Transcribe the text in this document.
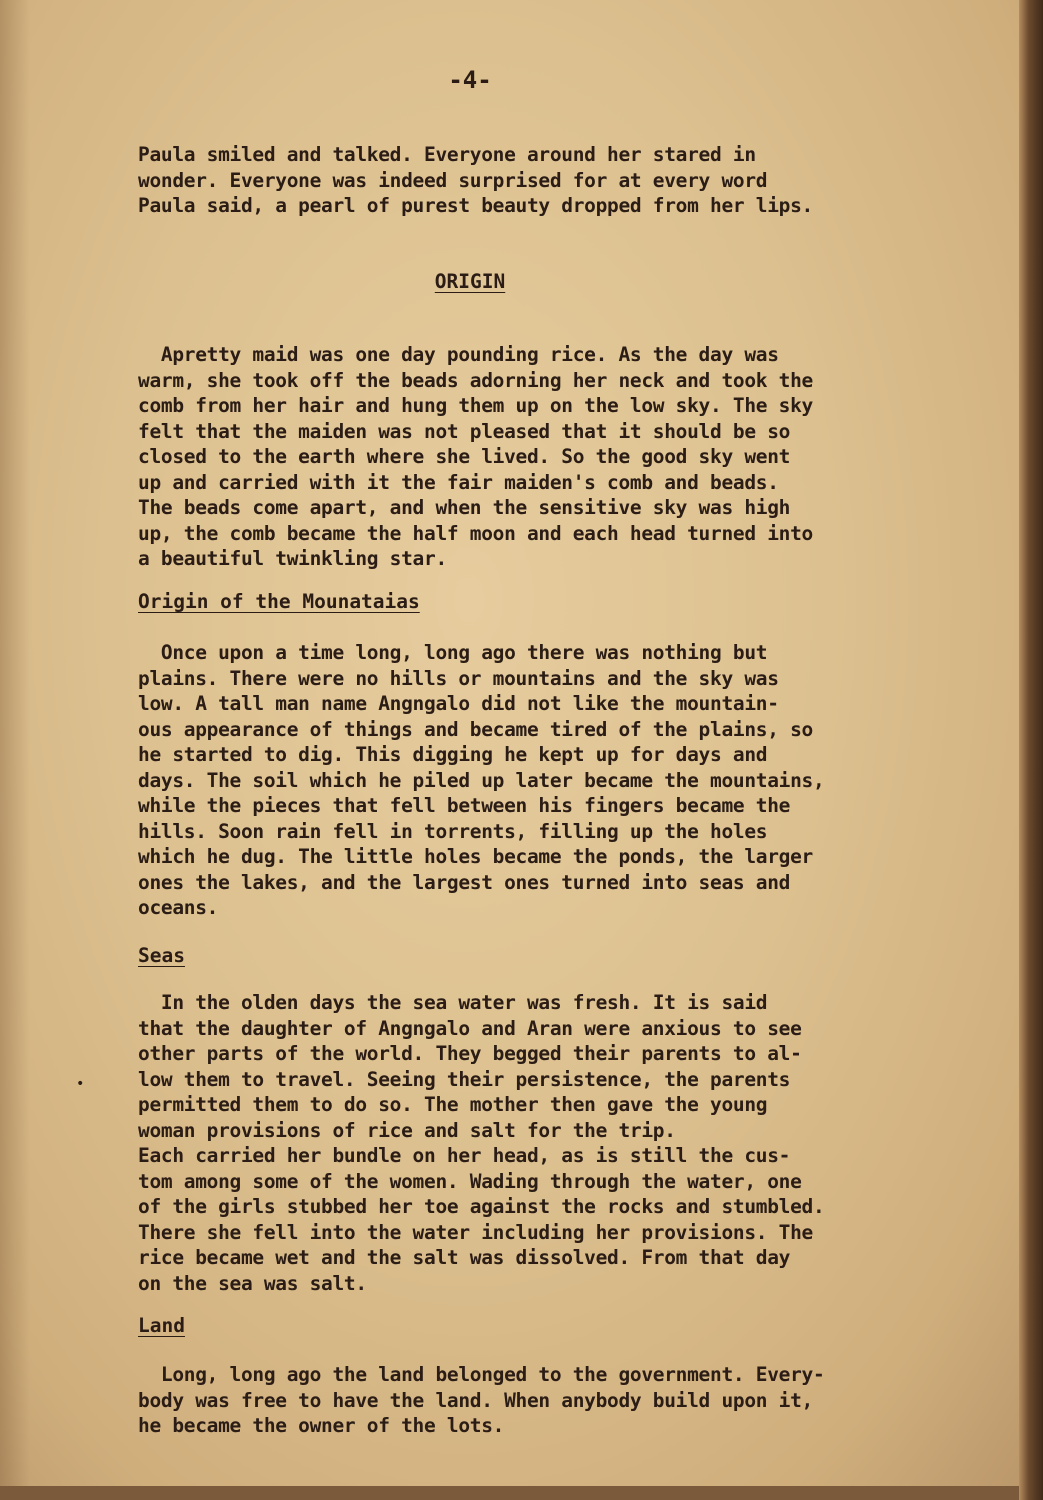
-4-
Paula smiled and talked. Everyone around her stared in
wonder. Everyone was indeed surprised for at every word
Paula said, a pearl of purest beauty dropped from her lips.
ORIGIN
Apretty maid was one day pounding rice. As the day was
warm, she took off the beads adorning her neck and took the
comb from her hair and hung them up on the low sky. The sky
felt that the maiden was not pleased that it should be so
closed to the earth where she lived. So the good sky went
up and carried with it the fair maiden's comb and beads.
The beads come apart, and when the sensitive sky was high
up, the comb became the half moon and each head turned into
a beautiful twinkling star.
Origin of the Mounataias
Once upon a time long, long ago there was nothing but
plains. There were no hills or mountains and the sky was
low. A tall man name Angngalo did not like the mountain-
ous appearance of things and became tired of the plains, so
he started to dig. This digging he kept up for days and
days. The soil which he piled up later became the mountains,
while the pieces that fell between his fingers became the
hills. Soon rain fell in torrents, filling up the holes
which he dug. The little holes became the ponds, the larger
ones the lakes, and the largest ones turned into seas and
oceans.
Seas
In the olden days the sea water was fresh. It is said
that the daughter of Angngalo and Aran were anxious to see
other parts of the world. They begged their parents to al-
low them to travel. Seeing their persistence, the parents
permitted them to do so. The mother then gave the young
woman provisions of rice and salt for the trip.
Each carried her bundle on her head, as is still the cus-
tom among some of the women. Wading through the water, one
of the girls stubbed her toe against the rocks and stumbled.
There she fell into the water including her provisions. The
rice became wet and the salt was dissolved. From that day
on the sea was salt.
•
Land
Long, long ago the land belonged to the government. Every-
body was free to have the land. When anybody build upon it,
he became the owner of the lots.
